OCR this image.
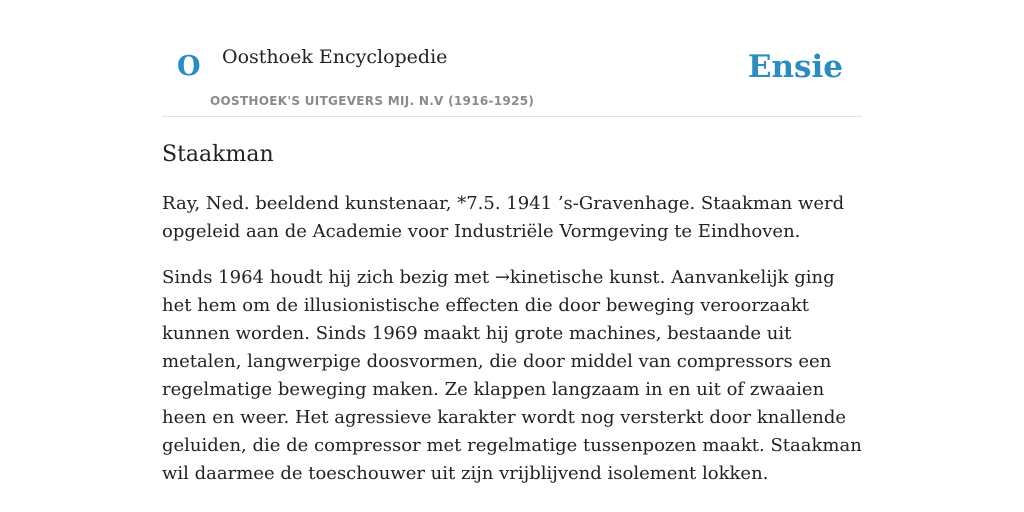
O Oosthoek Encyclopedie
OOSTHOEK'S UITGEVERS MIJ. N.V (1916-1925)
Ensie
Staakman

Ray, Ned. beeldend kunstenaar, *7.5. 1941 ’s-Gravenhage. Staakman werd opgeleid aan de Academie voor Industriële Vormgeving te Eindhoven.

Sinds 1964 houdt hij zich bezig met →kinetische kunst. Aanvankelijk ging het hem om de illusionistische effecten die door beweging veroorzaakt kunnen worden. Sinds 1969 maakt hij grote machines, bestaande uit metalen, langwerpige doosvormen, die door middel van compressors een regelmatige beweging maken. Ze klappen langzaam in en uit of zwaaien heen en weer. Het agressieve karakter wordt nog versterkt door knallende geluiden, die de compressor met regelmatige tussenpozen maakt. Staakman wil daarmee de toeschouwer uit zijn vrijblijvend isolement lokken.
